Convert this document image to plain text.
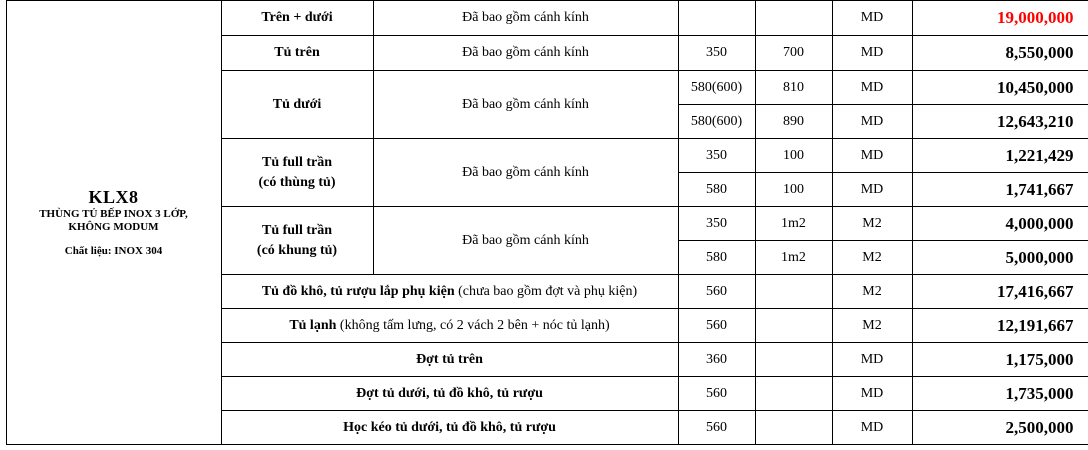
	KLX8
THÙNG TỦ BẾP INOX 3 LỚP,
KHÔNG MODUM
Chất liệu: INOX 304	Trên + dưới	Đã bao gồm cánh kính			MD	19,000,000
		Tủ trên	Đã bao gồm cánh kính	350	700	MD	8,550,000
		Tủ dưới	Đã bao gồm cánh kính	580(600)	810	MD	10,450,000
				580(600)	890	MD	12,643,210
		Tủ full trần
(có thùng tủ)	Đã bao gồm cánh kính	350	100	MD	1,221,429
				580	100	MD	1,741,667
		Tủ full trần
(có khung tủ)	Đã bao gồm cánh kính	350	1m2	M2	4,000,000
				580	1m2	M2	5,000,000
		Tủ đồ khô, tủ rượu lắp phụ kiện (chưa bao gồm đợt và phụ kiện)		560		M2	17,416,667
		Tủ lạnh (không tấm lưng, có 2 vách 2 bên + nóc tủ lạnh)		560		M2	12,191,667
		Đợt tủ trên		360		MD	1,175,000
		Đợt tủ dưới, tủ đồ khô, tủ rượu		560		MD	1,735,000
		Học kéo tủ dưới, tủ đồ khô, tủ rượu		560		MD	2,500,000
